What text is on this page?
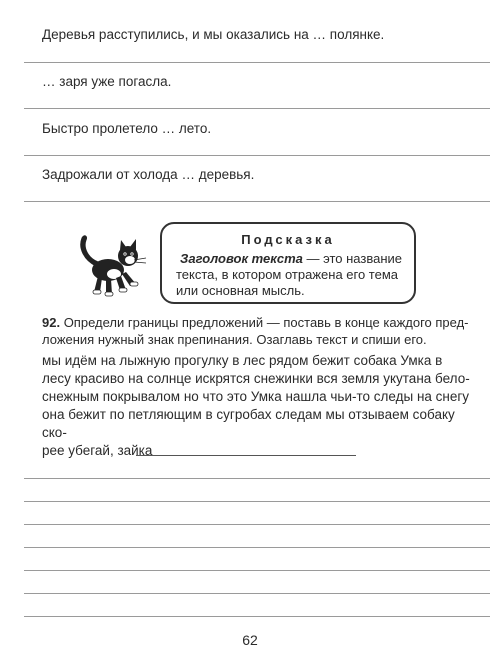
Деревья расступились, и мы оказались на … полянке.
… заря уже погасла.
Быстро пролетело … лето.
Задрожали от холода … деревья.
Подсказка
Заголовок текста — это название
текста, в котором отражена его тема
или основная мысль.
92. Определи границы предложений — поставь в конце каждого пред-
ложения нужный знак препинания. Озаглавь текст и спиши его.
мы идём на лыжную прогулку в лес рядом бежит собака Умка в
лесу красиво на солнце искрятся снежинки вся земля укутана бело-
снежным покрывалом но что это Умка нашла чьи-то следы на снегу
она бежит по петляющим в сугробах следам мы отзываем собаку ско-
рее убегай, зайка
62
